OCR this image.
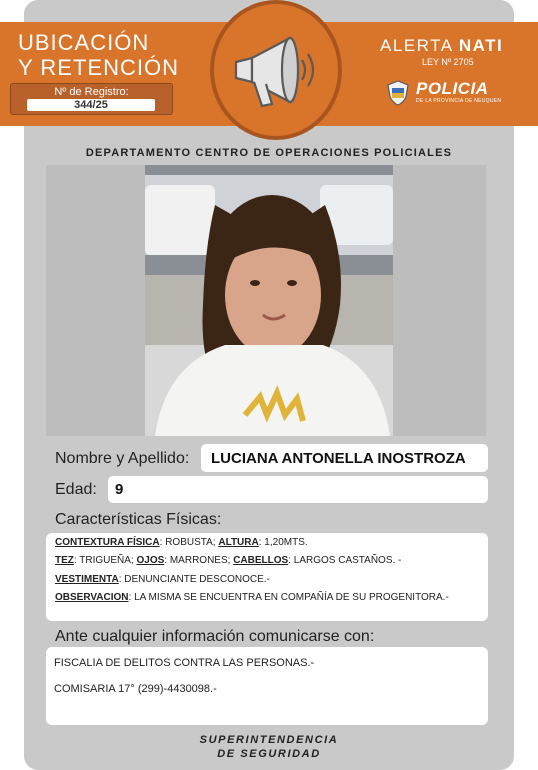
UBICACIÓN
Y RETENCIÓN
Nº de Registro:
344/25
ALERTA NATI
LEY Nº 2705
POLICIA
DE LA PROVINCIA DE NEUQUEN
DEPARTAMENTO CENTRO DE OPERACIONES POLICIALES
Nombre y Apellido: LUCIANA ANTONELLA INOSTROZA
Edad: 9
Características Físicas:
CONTEXTURA FÍSICA: ROBUSTA; ALTURA: 1,20MTS.
TEZ: TRIGUEÑA; OJOS: MARRONES; CABELLOS: LARGOS CASTAÑOS. -
VESTIMENTA: DENUNCIANTE DESCONOCE.-
OBSERVACION: LA MISMA SE ENCUENTRA EN COMPAÑÍA DE SU PROGENITORA.-
Ante cualquier información comunicarse con:
FISCALIA DE DELITOS CONTRA LAS PERSONAS.-
COMISARIA 17° (299)-4430098.-
SUPERINTENDENCIA
DE SEGURIDAD
